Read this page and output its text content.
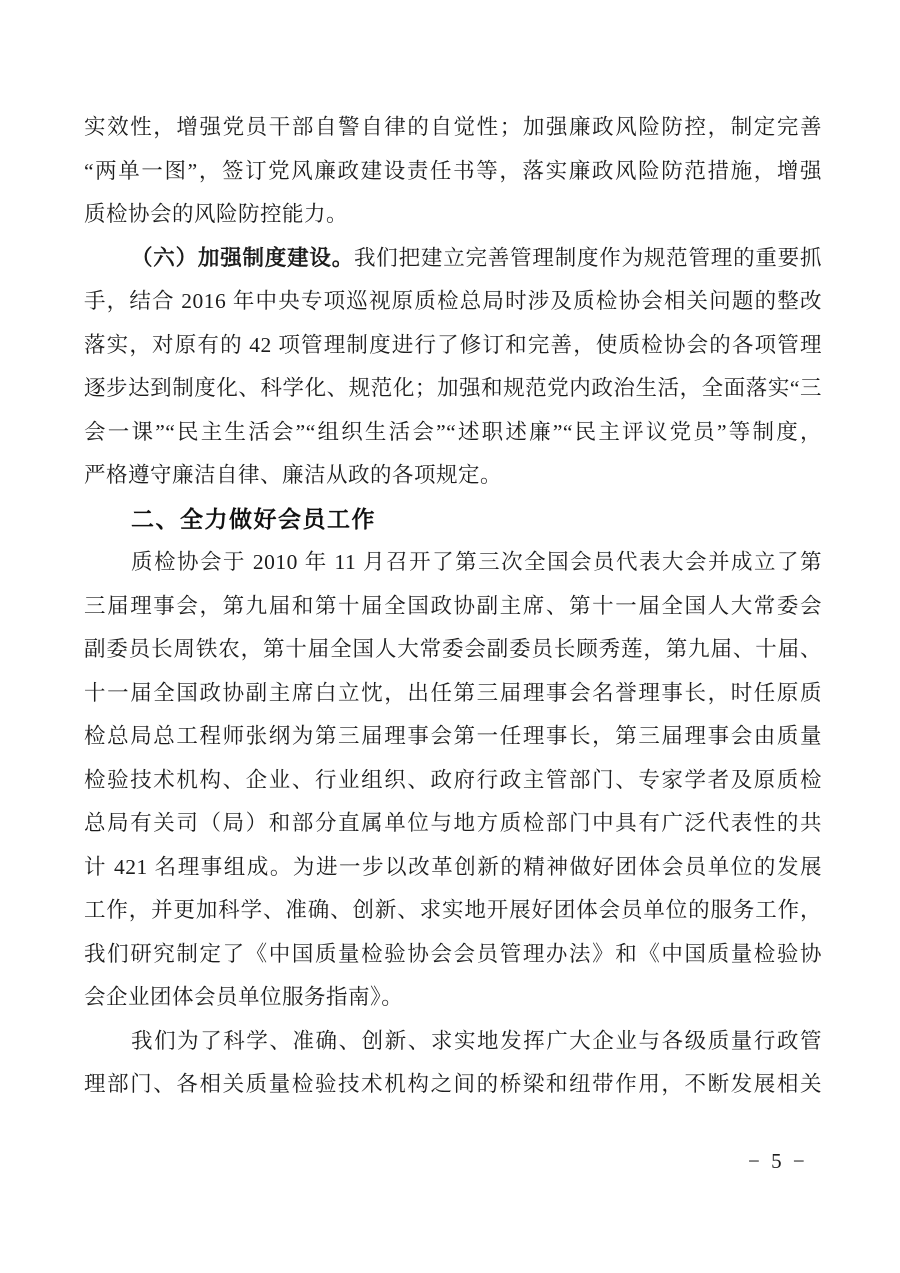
实效性，增强党员干部自警自律的自觉性；加强廉政风险防控，制定完善
“两单一图”，签订党风廉政建设责任书等，落实廉政风险防范措施，增强
质检协会的风险防控能力。
（六）加强制度建设。我们把建立完善管理制度作为规范管理的重要抓
手，结合 2016 年中央专项巡视原质检总局时涉及质检协会相关问题的整改
落实，对原有的 42 项管理制度进行了修订和完善，使质检协会的各项管理
逐步达到制度化、科学化、规范化；加强和规范党内政治生活，全面落实“三
会一课”“民主生活会”“组织生活会”“述职述廉”“民主评议党员”等制度，
严格遵守廉洁自律、廉洁从政的各项规定。
二、全力做好会员工作
质检协会于 2010 年 11 月召开了第三次全国会员代表大会并成立了第
三届理事会，第九届和第十届全国政协副主席、第十一届全国人大常委会
副委员长周铁农，第十届全国人大常委会副委员长顾秀莲，第九届、十届、
十一届全国政协副主席白立忱，出任第三届理事会名誉理事长，时任原质
检总局总工程师张纲为第三届理事会第一任理事长，第三届理事会由质量
检验技术机构、企业、行业组织、政府行政主管部门、专家学者及原质检
总局有关司（局）和部分直属单位与地方质检部门中具有广泛代表性的共
计 421 名理事组成。为进一步以改革创新的精神做好团体会员单位的发展
工作，并更加科学、准确、创新、求实地开展好团体会员单位的服务工作，
我们研究制定了《中国质量检验协会会员管理办法》和《中国质量检验协
会企业团体会员单位服务指南》。
我们为了科学、准确、创新、求实地发挥广大企业与各级质量行政管
理部门、各相关质量检验技术机构之间的桥梁和纽带作用，不断发展相关
− 5 −
